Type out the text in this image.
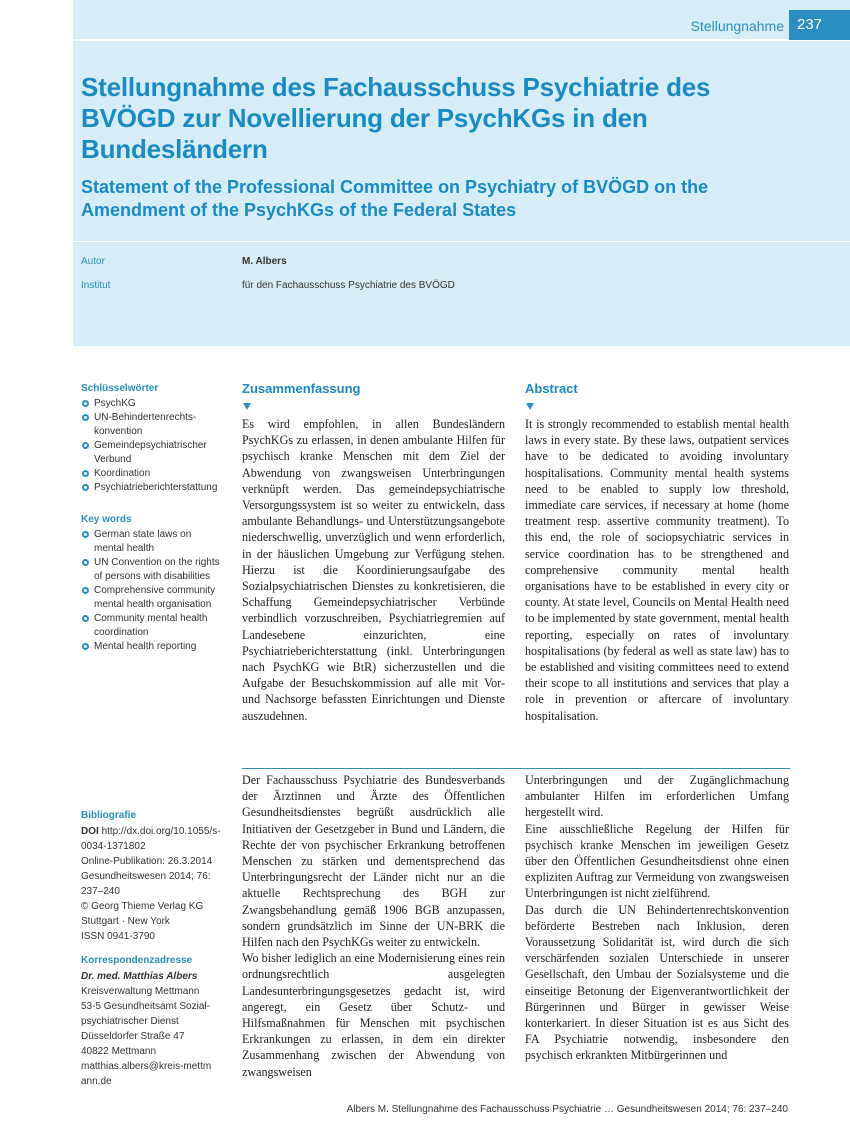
Stellungnahme 237
Stellungnahme des Fachausschuss Psychiatrie des BVÖGD zur Novellierung der PsychKGs in den Bundesländern
Statement of the Professional Committee on Psychiatry of BVÖGD on the Amendment of the PsychKGs of the Federal States
Autor	M. Albers
Institut	für den Fachausschuss Psychiatrie des BVÖGD
Schlüsselwörter
PsychKG
UN-Behindertenrechts-konvention
Gemeindepsychiatrischer Verbund
Koordination
Psychiatrieberichterstattung
Key words
German state laws on mental health
UN Convention on the rights of persons with disabilities
Comprehensive community mental health organisation
Community mental health coordination
Mental health reporting
Bibliografie
DOI http://dx.doi.org/10.1055/s-0034-1371802
Online-Publikation: 26.3.2014
Gesundheitswesen 2014; 76: 237–240
© Georg Thieme Verlag KG
Stuttgart · New York
ISSN 0941-3790
Korrespondenzadresse
Dr. med. Matthias Albers
Kreisverwaltung Mettmann
53-5 Gesundheitsamt Sozial-psychiatrischer Dienst
Düsseldorfer Straße 47
40822 Mettmann
matthias.albers@kreis-mettmann.de
Zusammenfassung

Es wird empfohlen, in allen Bundesländern PsychKGs zu erlassen, in denen ambulante Hilfen für psychisch kranke Menschen mit dem Ziel der Abwendung von zwangsweisen Unterbringungen verknüpft werden. Das gemeindepsychiatrische Versorgungssystem ist so weiter zu entwickeln, dass ambulante Behandlungs- und Unterstützungsangebote niederschwellig, unverzüglich und wenn erforderlich, in der häuslichen Umgebung zur Verfügung stehen. Hierzu ist die Koordinierungsaufgabe des Sozialpsychiatrischen Dienstes zu konkretisieren, die Schaffung Gemeindepsychiatrischer Verbünde verbindlich vorzuschreiben, Psychiatriegremien auf Landesebene einzurichten, eine Psychiatrieberichterstattung (inkl. Unterbringungen nach PsychKG wie BtR) sicherzustellen und die Aufgabe der Besuchskommission auf alle mit Vor- und Nachsorge befassten Einrichtungen und Dienste auszudehnen.

Abstract

It is strongly recommended to establish mental health laws in every state. By these laws, outpatient services have to be dedicated to avoiding involuntary hospitalisations. Community mental health systems need to be enabled to supply low threshold, immediate care services, if necessary at home (home treatment resp. assertive community treatment). To this end, the role of sociopsychiatric services in service coordination has to be strengthened and comprehensive community mental health organisations have to be established in every city or county. At state level, Councils on Mental Health need to be implemented by state government, mental health reporting, especially on rates of involuntary hospitalisations (by federal as well as state law) has to be established and visiting committees need to extend their scope to all institutions and services that play a role in prevention or aftercare of involuntary hospitalisation.

Der Fachausschuss Psychiatrie des Bundesverbands der Ärztinnen und Ärzte des Öffentlichen Gesundheitsdienstes begrüßt ausdrücklich alle Initiativen der Gesetzgeber in Bund und Ländern, die Rechte der von psychischer Erkrankung betroffenen Menschen zu stärken und dementsprechend das Unterbringungsrecht der Länder nicht nur an die aktuelle Rechtsprechung des BGH zur Zwangsbehandlung gemäß 1906 BGB anzupassen, sondern grundsätzlich im Sinne der UN-BRK die Hilfen nach den PsychKGs weiter zu entwickeln.

Wo bisher lediglich an eine Modernisierung eines rein ordnungsrechtlich ausgelegten Landesunterbringungsgesetzes gedacht ist, wird angeregt, ein Gesetz über Schutz- und Hilfsmaßnahmen für Menschen mit psychischen Erkrankungen zu erlassen, in dem ein direkter Zusammenhang zwischen der Abwendung von zwangsweisen

Unterbringungen und der Zugänglichmachung ambulanter Hilfen im erforderlichen Umfang hergestellt wird.

Eine ausschließliche Regelung der Hilfen für psychisch kranke Menschen im jeweiligen Gesetz über den Öffentlichen Gesundheitsdienst ohne einen expliziten Auftrag zur Vermeidung von zwangsweisen Unterbringungen ist nicht zielführend.

Das durch die UN Behindertenrechtskonvention beförderte Bestreben nach Inklusion, deren Voraussetzung Solidarität ist, wird durch die sich verschärfenden sozialen Unterschiede in unserer Gesellschaft, den Umbau der Sozialsysteme und die einseitige Betonung der Eigenverantwortlichkeit der Bürgerinnen und Bürger in gewisser Weise konterkariert. In dieser Situation ist es aus Sicht des FA Psychiatrie notwendig, insbesondere den psychisch erkrankten Mitbürgerinnen und

Albers M. Stellungnahme des Fachausschuss Psychiatrie … Gesundheitswesen 2014; 76: 237–240
